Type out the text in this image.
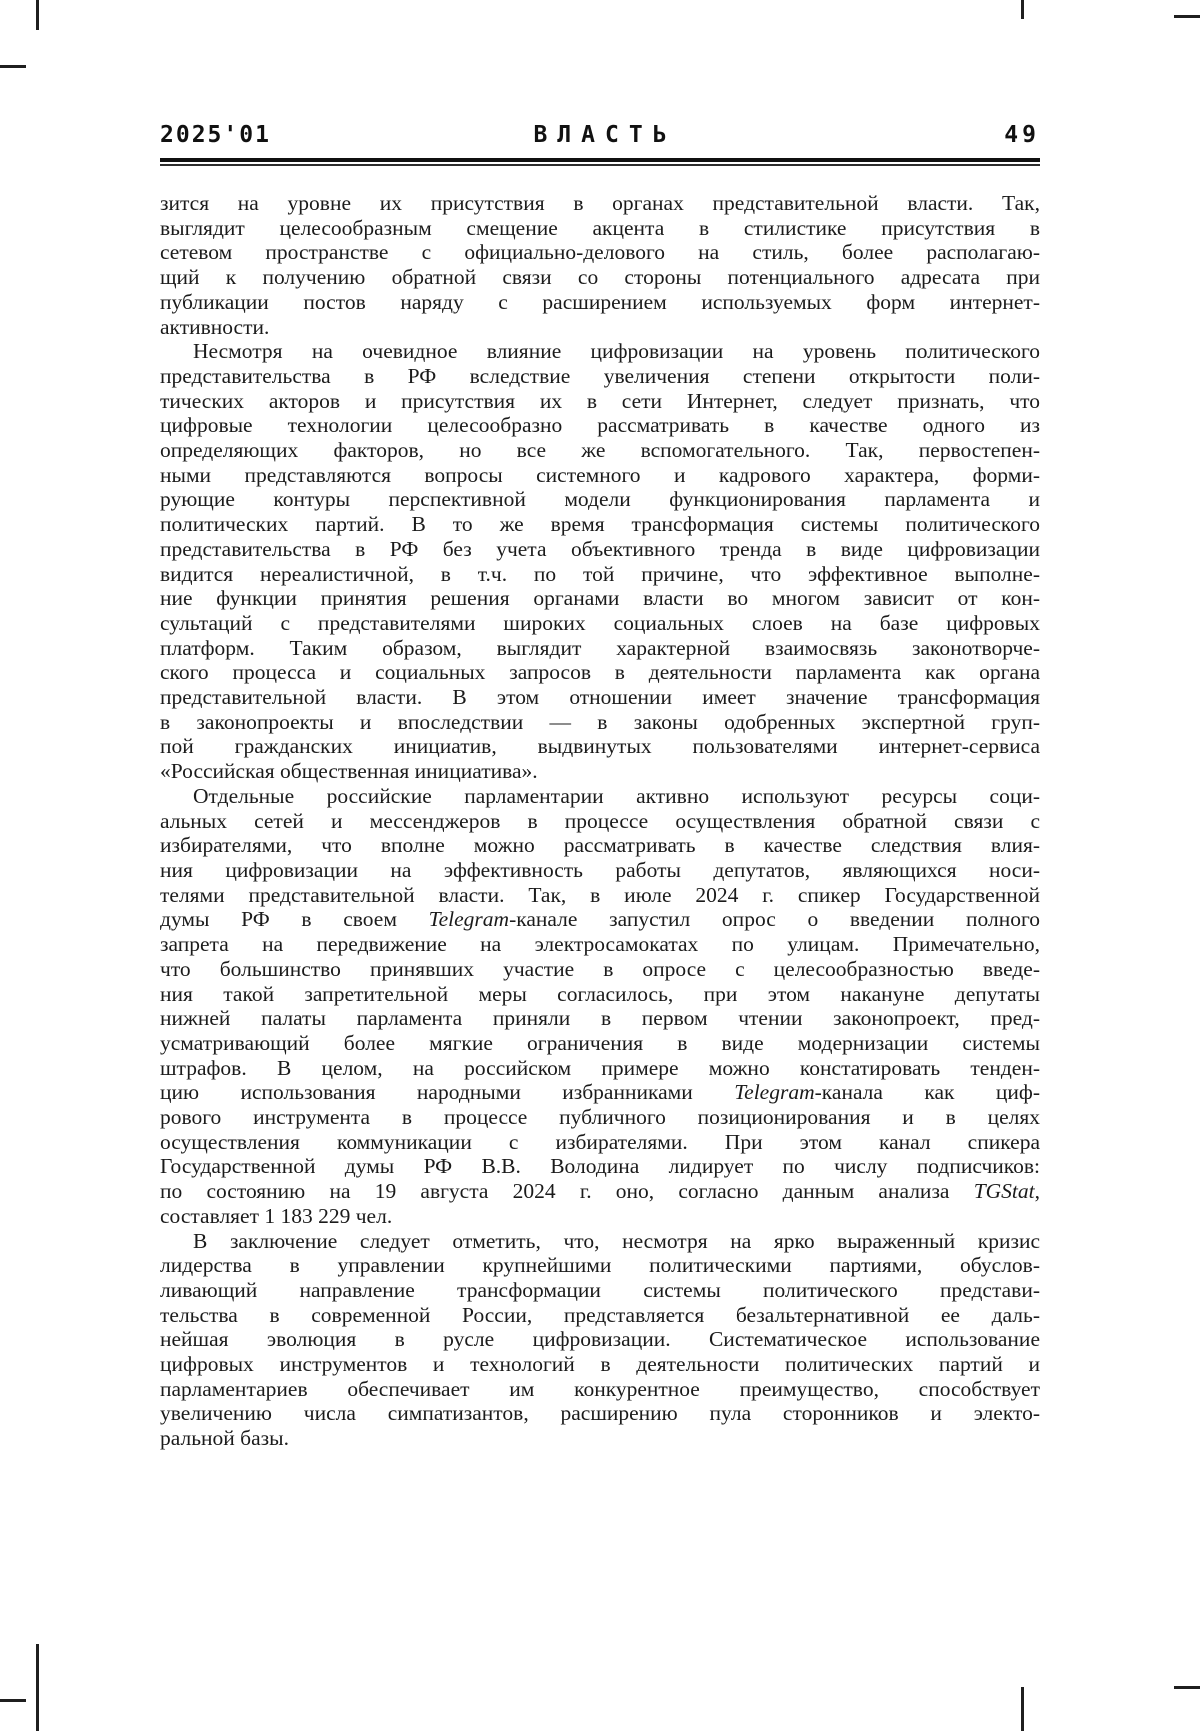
2025'01	ВЛАСТЬ	49
зится на уровне их присутствия в органах представительной власти. Так,
выглядит целесообразным смещение акцента в стилистике присутствия в
сетевом пространстве с официально-делового на стиль, более располагаю-
щий к получению обратной связи со стороны потенциального адресата при
публикации постов наряду с расширением используемых форм интернет-
активности.
Несмотря на очевидное влияние цифровизации на уровень политического
представительства в РФ вследствие увеличения степени открытости поли-
тических акторов и присутствия их в сети Интернет, следует признать, что
цифровые технологии целесообразно рассматривать в качестве одного из
определяющих факторов, но все же вспомогательного. Так, первостепен-
ными представляются вопросы системного и кадрового характера, форми-
рующие контуры перспективной модели функционирования парламента и
политических партий. В то же время трансформация системы политического
представительства в РФ без учета объективного тренда в виде цифровизации
видится нереалистичной, в т.ч. по той причине, что эффективное выполне-
ние функции принятия решения органами власти во многом зависит от кон-
сультаций с представителями широких социальных слоев на базе цифровых
платформ. Таким образом, выглядит характерной взаимосвязь законотворче-
ского процесса и социальных запросов в деятельности парламента как органа
представительной власти. В этом отношении имеет значение трансформация
в законопроекты и впоследствии — в законы одобренных экспертной груп-
пой гражданских инициатив, выдвинутых пользователями интернет-сервиса
«Российская общественная инициатива».
Отдельные российские парламентарии активно используют ресурсы соци-
альных сетей и мессенджеров в процессе осуществления обратной связи с
избирателями, что вполне можно рассматривать в качестве следствия влия-
ния цифровизации на эффективность работы депутатов, являющихся носи-
телями представительной власти. Так, в июле 2024 г. спикер Государственной
думы РФ в своем Telegram-канале запустил опрос о введении полного
запрета на передвижение на электросамокатах по улицам. Примечательно,
что большинство принявших участие в опросе с целесообразностью введе-
ния такой запретительной меры согласилось, при этом накануне депутаты
нижней палаты парламента приняли в первом чтении законопроект, пред-
усматривающий более мягкие ограничения в виде модернизации системы
штрафов. В целом, на российском примере можно констатировать тенден-
цию использования народными избранниками Telegram-канала как циф-
рового инструмента в процессе публичного позиционирования и в целях
осуществления коммуникации с избирателями. При этом канал спикера
Государственной думы РФ В.В. Володина лидирует по числу подписчиков:
по состоянию на 19 августа 2024 г. оно, согласно данным анализа TGStat,
составляет 1 183 229 чел.
В заключение следует отметить, что, несмотря на ярко выраженный кризис
лидерства в управлении крупнейшими политическими партиями, обуслов-
ливающий направление трансформации системы политического представи-
тельства в современной России, представляется безальтернативной ее даль-
нейшая эволюция в русле цифровизации. Систематическое использование
цифровых инструментов и технологий в деятельности политических партий и
парламентариев обеспечивает им конкурентное преимущество, способствует
увеличению числа симпатизантов, расширению пула сторонников и электо-
ральной базы.
